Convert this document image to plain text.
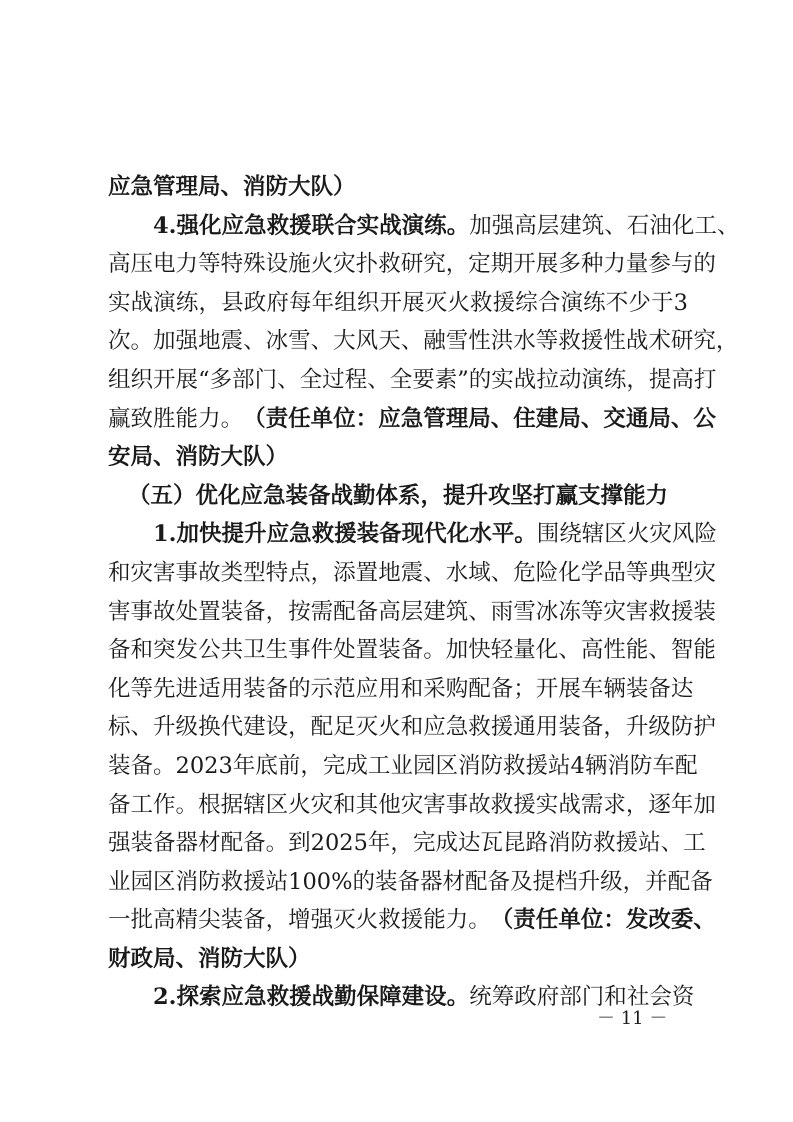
应急管理局、消防大队）
4. 强 化 应 急 救 援 联 合 实 战 演 练 。 加 强 高 层 建 筑 、 石 油 化 工 、
高 压 电 力 等 特 殊 设 施 火 灾 扑 救 研 究 ， 定 期 开 展 多 种 力 量 参 与 的
实 战 演 练 ， 县 政 府 每 年 组 织 开 展 灭 火 救 援 综 合 演 练 不 少 于 3
次 。 加 强 地 震 、 冰 雪 、 大 风 天 、 融 雪 性 洪 水 等 救 援 性 战 术 研 究 ，
组 织 开 展 “ 多 部 门 、 全 过 程 、 全 要 素 ” 的 实 战 拉 动 演 练 ， 提 高 打
赢 致 胜 能 力 。 （ 责 任 单 位 ： 应 急 管 理 局 、 住 建 局 、 交 通 局 、 公
安局、消防大队）
（五）优化应急装备战勤体系，提升攻坚打赢支撑能力
1. 加 快 提 升 应 急 救 援 装 备 现 代 化 水 平 。 围 绕 辖 区 火 灾 风 险
和 灾 害 事 故 类 型 特 点 ， 添 置 地 震 、 水 域 、 危 险 化 学 品 等 典 型 灾
害 事 故 处 置 装 备 ， 按 需 配 备 高 层 建 筑 、 雨 雪 冰 冻 等 灾 害 救 援 装
备 和 突 发 公 共 卫 生 事 件 处 置 装 备 。 加 快 轻 量 化 、 高 性 能 、 智 能
化 等 先 进 适 用 装 备 的 示 范 应 用 和 采 购 配 备 ； 开 展 车 辆 装 备 达
标 、 升 级 换 代 建 设 ， 配 足 灭 火 和 应 急 救 援 通 用 装 备 ， 升 级 防 护
装 备 。 2023 年 底 前 ， 完 成 工 业 园 区 消 防 救 援 站 4 辆 消 防 车 配
备 工 作 。 根 据 辖 区 火 灾 和 其 他 灾 害 事 故 救 援 实 战 需 求 ， 逐 年 加
强 装 备 器 材 配 备 。 到 2025 年 ， 完 成 达 瓦 昆 路 消 防 救 援 站 、 工
业 园 区 消 防 救 援 站 100% 的 装 备 器 材 配 备 及 提 档 升 级 ， 并 配 备
一 批 高 精 尖 装 备 ， 增 强 灭 火 救 援 能 力 。 （ 责 任 单 位 ： 发 改 委 、
财政局、消防大队）
2. 探 索 应 急 救 援 战 勤 保 障 建 设 。 统 筹 政 府 部 门 和 社 会 资
－ 11 －
